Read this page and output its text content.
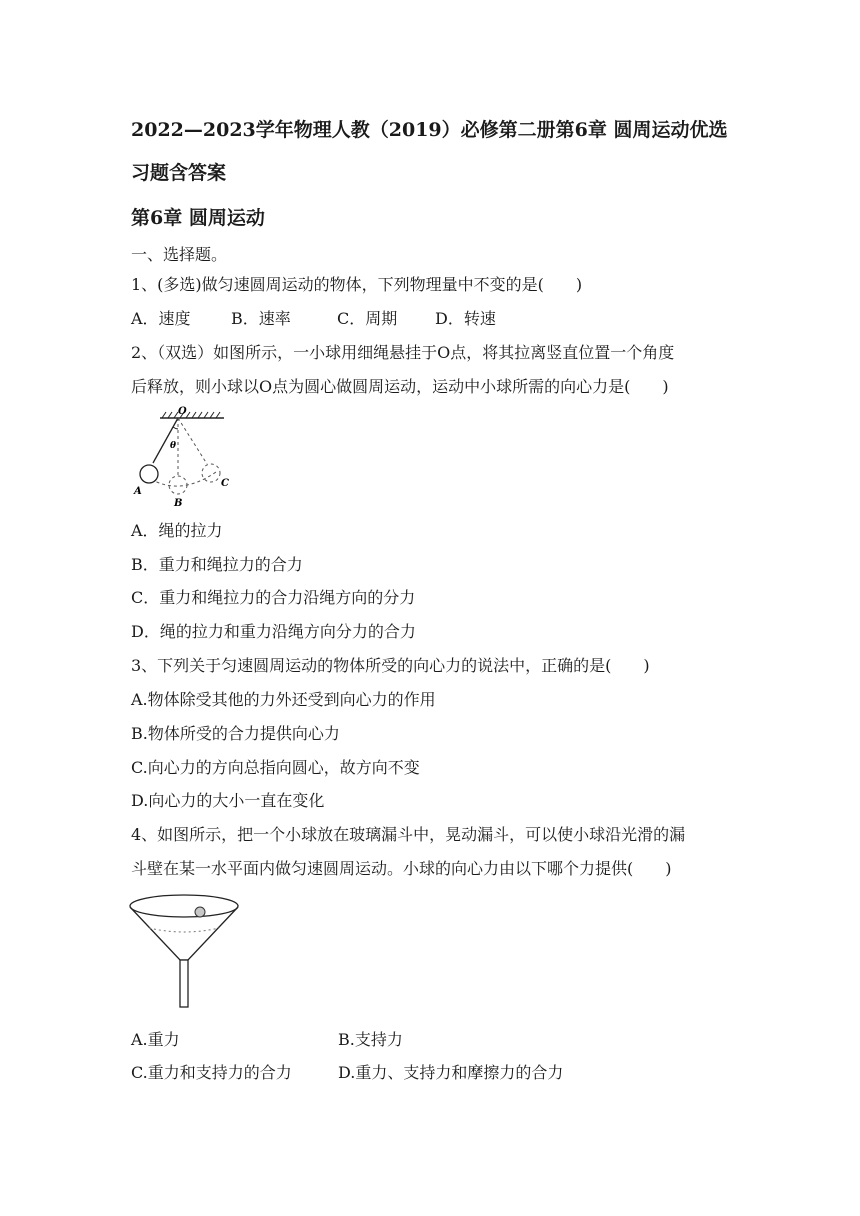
2022—2023学年物理人教（2019）必修第二册第6章 圆周运动优选
习题含答案
第6章 圆周运动
一、选择题。
1、(多选)做匀速圆周运动的物体，下列物理量中不变的是(　　)
A．速度	B．速率	C．周期 D．转速
2、（双选）如图所示，一小球用细绳悬挂于O点，将其拉离竖直位置一个角度
后释放，则小球以O点为圆心做圆周运动，运动中小球所需的向心力是(　　)
O
θ
A
B
C
A．绳的拉力
B．重力和绳拉力的合力
C．重力和绳拉力的合力沿绳方向的分力
D．绳的拉力和重力沿绳方向分力的合力
3、下列关于匀速圆周运动的物体所受的向心力的说法中，正确的是(　　)
A.物体除受其他的力外还受到向心力的作用
B.物体所受的合力提供向心力
C.向心力的方向总指向圆心，故方向不变
D.向心力的大小一直在变化
4、如图所示，把一个小球放在玻璃漏斗中，晃动漏斗，可以使小球沿光滑的漏
斗壁在某一水平面内做匀速圆周运动。小球的向心力由以下哪个力提供(　　)
A.重力	B.支持力
C.重力和支持力的合力	D.重力、支持力和摩擦力的合力
